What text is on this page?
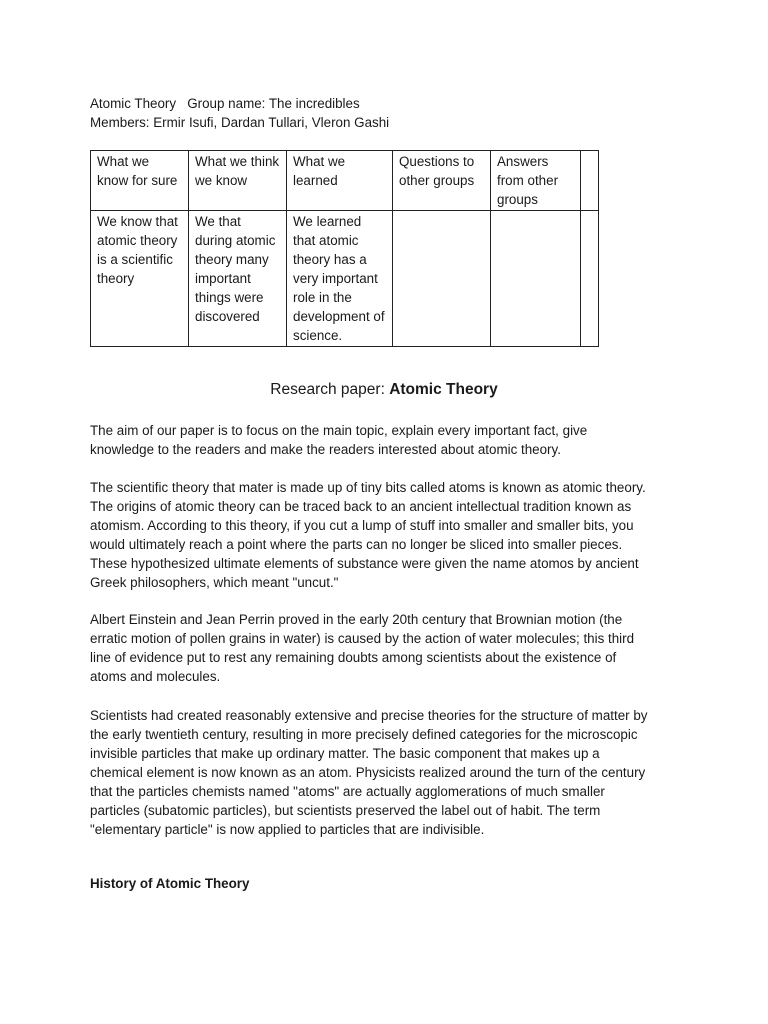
Atomic Theory   Group name: The incredibles
Members: Ermir Isufi, Dardan Tullari, Vleron Gashi
What we know for sure	What we think we know	What we learned	Questions to other groups	Answers from other groups	
We know that atomic theory is a scientific theory	We that during atomic theory many important things were discovered	We learned that atomic theory has a very important role in the development of science.			
Research paper: Atomic Theory
The aim of our paper is to focus on the main topic, explain every important fact, give
knowledge to the readers and make the readers interested about atomic theory.
The scientific theory that mater is made up of tiny bits called atoms is known as atomic theory.
The origins of atomic theory can be traced back to an ancient intellectual tradition known as
atomism. According to this theory, if you cut a lump of stuff into smaller and smaller bits, you
would ultimately reach a point where the parts can no longer be sliced into smaller pieces.
These hypothesized ultimate elements of substance were given the name atomos by ancient
Greek philosophers, which meant "uncut."
Albert Einstein and Jean Perrin proved in the early 20th century that Brownian motion (the
erratic motion of pollen grains in water) is caused by the action of water molecules; this third
line of evidence put to rest any remaining doubts among scientists about the existence of
atoms and molecules.
Scientists had created reasonably extensive and precise theories for the structure of matter by
the early twentieth century, resulting in more precisely defined categories for the microscopic
invisible particles that make up ordinary matter. The basic component that makes up a
chemical element is now known as an atom. Physicists realized around the turn of the century
that the particles chemists named "atoms" are actually agglomerations of much smaller
particles (subatomic particles), but scientists preserved the label out of habit. The term
"elementary particle" is now applied to particles that are indivisible.
History of Atomic Theory
